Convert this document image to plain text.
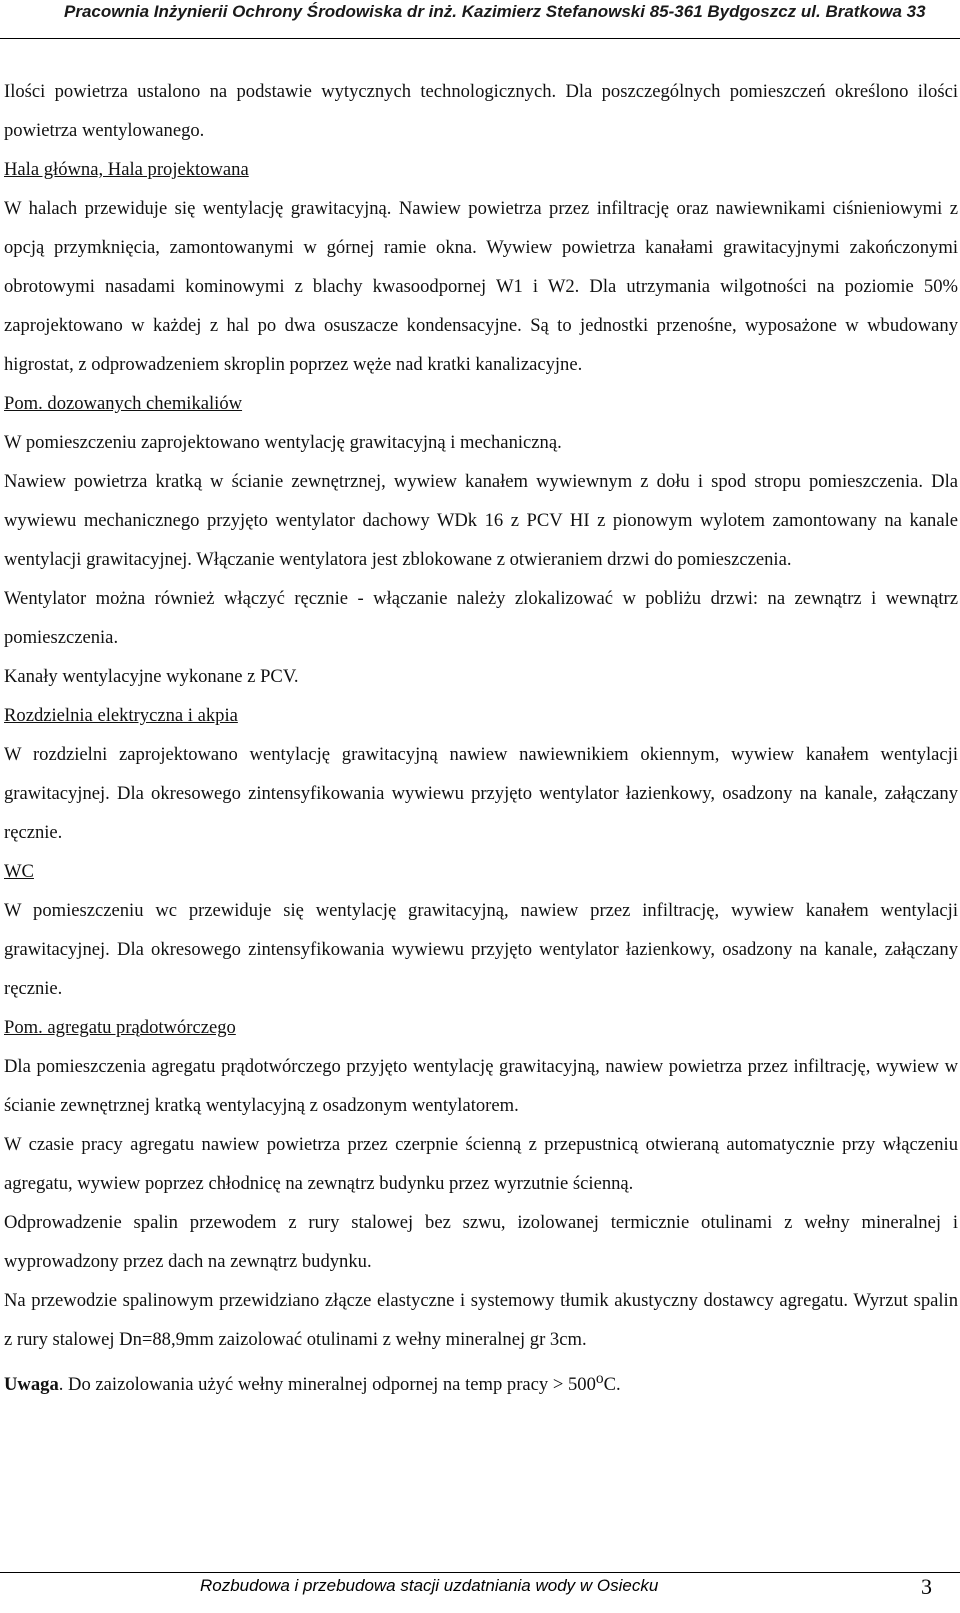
Pracownia Inżynierii Ochrony Środowiska dr inż. Kazimierz Stefanowski 85-361 Bydgoszcz ul. Bratkowa 33

Ilości powietrza ustalono na podstawie wytycznych technologicznych. Dla poszczególnych pomieszczeń określono ilości powietrza wentylowanego.

Hala główna, Hala projektowana

W halach przewiduje się wentylację grawitacyjną. Nawiew powietrza przez infiltrację oraz nawiewnikami ciśnieniowymi z opcją przymknięcia, zamontowanymi w górnej ramie okna. Wywiew powietrza kanałami grawitacyjnymi zakończonymi obrotowymi nasadami kominowymi z blachy kwasoodpornej W1 i W2. Dla utrzymania wilgotności na poziomie 50% zaprojektowano w każdej z hal po dwa osuszacze kondensacyjne. Są to jednostki przenośne, wyposażone w wbudowany higrostat, z odprowadzeniem skroplin poprzez węże nad kratki kanalizacyjne.

Pom. dozowanych chemikaliów

W pomieszczeniu zaprojektowano wentylację grawitacyjną i mechaniczną.

Nawiew powietrza kratką w ścianie zewnętrznej, wywiew kanałem wywiewnym z dołu i spod stropu pomieszczenia. Dla wywiewu mechanicznego przyjęto wentylator dachowy WDk 16 z PCV HI z pionowym wylotem zamontowany na kanale wentylacji grawitacyjnej. Włączanie wentylatora jest zblokowane z otwieraniem drzwi do pomieszczenia.

Wentylator można również włączyć ręcznie - włączanie należy zlokalizować w pobliżu drzwi: na zewnątrz i wewnątrz pomieszczenia.

Kanały wentylacyjne wykonane z PCV.

Rozdzielnia elektryczna i akpia

W rozdzielni zaprojektowano wentylację grawitacyjną nawiew nawiewnikiem okiennym, wywiew kanałem wentylacji grawitacyjnej. Dla okresowego zintensyfikowania wywiewu przyjęto wentylator łazienkowy, osadzony na kanale, załączany ręcznie.

WC

W pomieszczeniu wc przewiduje się wentylację grawitacyjną, nawiew przez infiltrację, wywiew kanałem wentylacji grawitacyjnej. Dla okresowego zintensyfikowania wywiewu przyjęto wentylator łazienkowy, osadzony na kanale, załączany ręcznie.

Pom. agregatu prądotwórczego

Dla pomieszczenia agregatu prądotwórczego przyjęto wentylację grawitacyjną, nawiew powietrza przez infiltrację, wywiew w ścianie zewnętrznej kratką wentylacyjną z osadzonym wentylatorem.

W czasie pracy agregatu nawiew powietrza przez czerpnie ścienną z przepustnicą otwieraną automatycznie przy włączeniu agregatu, wywiew poprzez chłodnicę na zewnątrz budynku przez wyrzutnie ścienną.

Odprowadzenie spalin przewodem z rury stalowej bez szwu, izolowanej termicznie otulinami z wełny mineralnej i wyprowadzony przez dach na zewnątrz budynku.

Na przewodzie spalinowym przewidziano złącze elastyczne i systemowy tłumik akustyczny dostawcy agregatu. Wyrzut spalin z rury stalowej Dn=88,9mm zaizolować otulinami z wełny mineralnej gr 3cm.

Uwaga. Do zaizolowania użyć wełny mineralnej odpornej na temp pracy > $500^oC$.

Rozbudowa i przebudowa stacji uzdatniania wody w Osiecku	3
